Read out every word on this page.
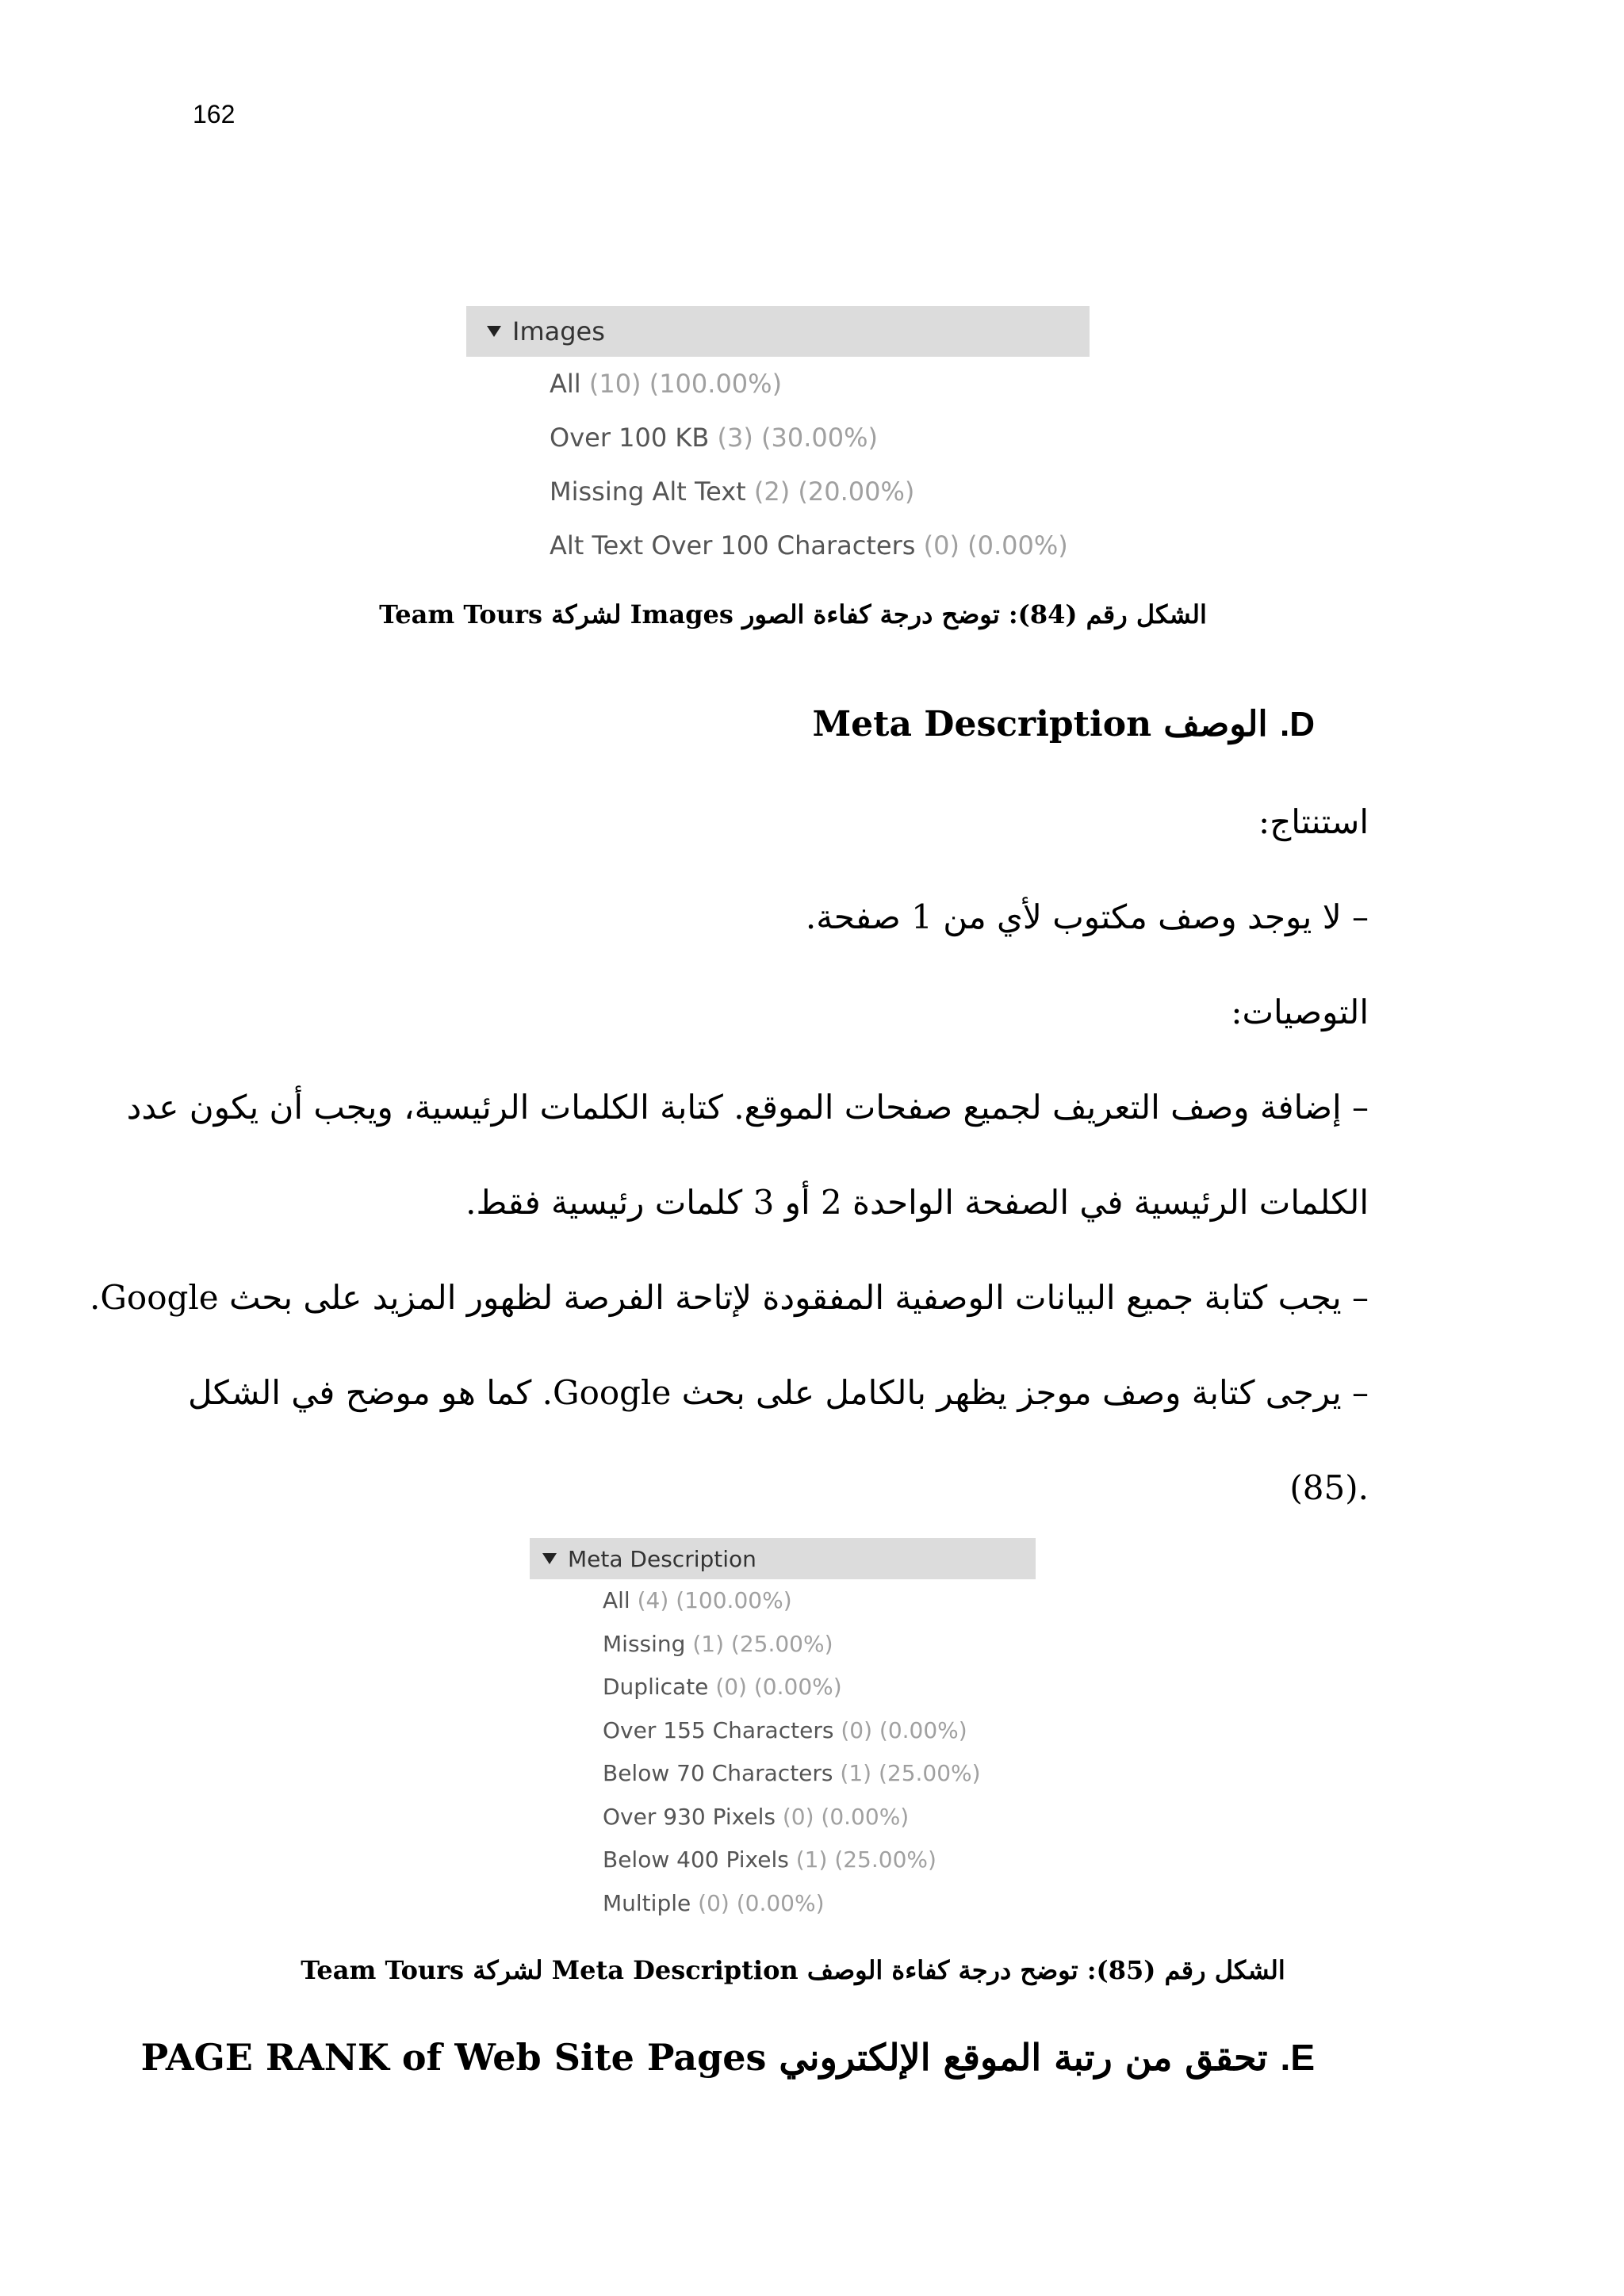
162
Images
All (10) (100.00%)
Over 100 KB (3) (30.00%)
Missing Alt Text (2) (20.00%)
Alt Text Over 100 Characters (0) (0.00%)
الشكل رقم (84): توضح درجة كفاءة الصور Images لشركة Team Tours
D. الوصف Meta Description
استنتاج:
– لا يوجد وصف مكتوب لأي من 1 صفحة.
التوصيات:
– إضافة وصف التعريف لجميع صفحات الموقع. كتابة الكلمات الرئيسية، ويجب أن يكون عدد
الكلمات الرئيسية في الصفحة الواحدة 2 أو 3 كلمات رئيسية فقط.
– يجب كتابة جميع البيانات الوصفية المفقودة لإتاحة الفرصة لظهور المزيد على بحث Google.
– يرجى كتابة وصف موجز يظهر بالكامل على بحث Google. كما هو موضح في الشكل
.(85)
Meta Description
All (4) (100.00%)
Missing (1) (25.00%)
Duplicate (0) (0.00%)
Over 155 Characters (0) (0.00%)
Below 70 Characters (1) (25.00%)
Over 930 Pixels (0) (0.00%)
Below 400 Pixels (1) (25.00%)
Multiple (0) (0.00%)
الشكل رقم (85): توضح درجة كفاءة الوصف Meta Description لشركة Team Tours
E. تحقق من رتبة الموقع الإلكتروني PAGE RANK of Web Site Pages
